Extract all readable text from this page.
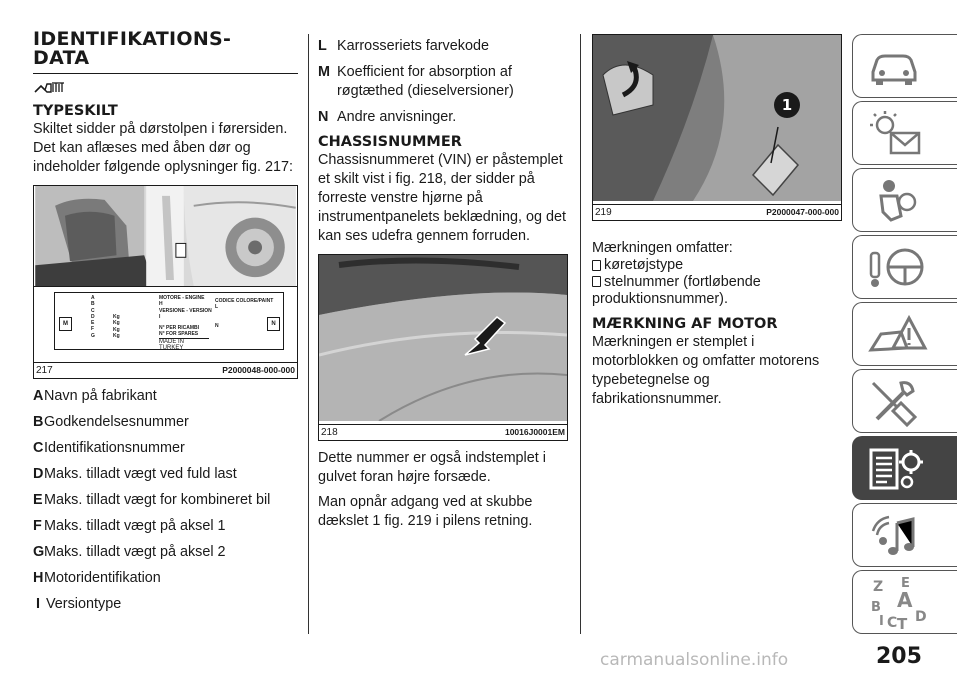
IDENTIFIKATIONS-
DATA
TYPESKILT

Skiltet sidder på dørstolpen i førersiden. Det kan aflæses med åben dør og indeholder følgende oplysninger fig. 217:

M	N
A
B
C
D
E
F
G
Kg
Kg
Kg
Kg
MOTORE - ENGINE
H
VERSIONE - VERSION
I
N° PER RICAMBI
N° FOR SPARES
MADE IN TURKEY
N
CODICE COLORE/PAINT
L
217	P2000048-000-000
A Navn på fabrikant
B Godkendelsesnummer
C Identifikationsnummer
D Maks. tilladt vægt ved fuld last
E Maks. tilladt vægt for kombineret bil
F Maks. tilladt vægt på aksel 1
G Maks. tilladt vægt på aksel 2
H Motoridentifikation
I Versiontype
L Karrosseriets farvekode
M Koefficient for absorption af røgtæthed (dieselversioner)
N Andre anvisninger.
CHASSISNUMMER

Chassisnummeret (VIN) er påstemplet et skilt vist i fig. 218, der sidder på forreste venstre hjørne på instrumentpanelets beklædning, og det kan ses udefra gennem forruden.

218	10016J0001EM

Dette nummer er også indstemplet i gulvet foran højre forsæde.

Man opnår adgang ved at skubbe dækslet 1 fig. 219 i pilens retning.

1
219	P2000047-000-000
Mærkningen omfatter:
køretøjstype
stelnummer (fortløbende produktionsnummer).
MÆRKNING AF MOTOR

Mærkningen er stemplet i motorblokken og omfatter motorens typebetegnelse og fabrikationsnummer.

Z E
B A
I C T D
carmanualsonline.info	205
